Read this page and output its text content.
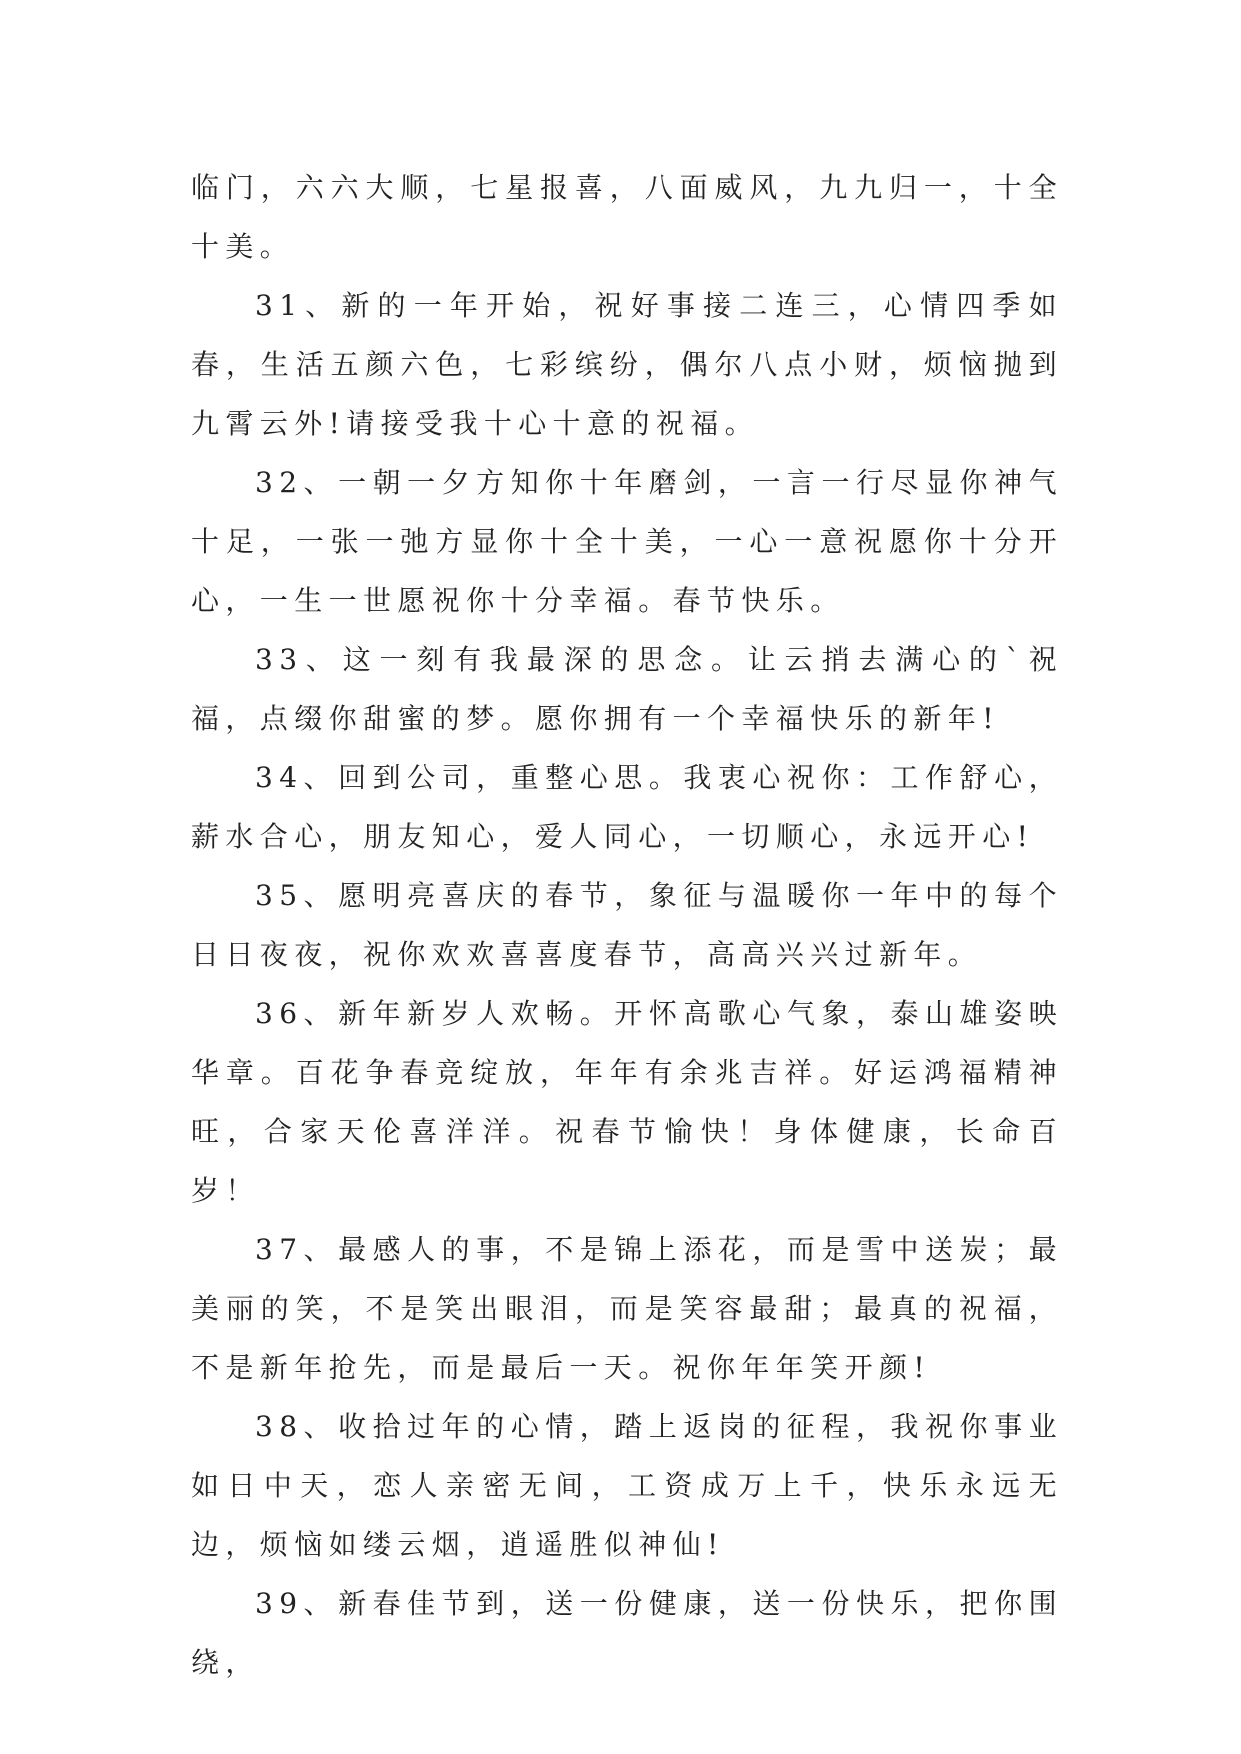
临门，六六大顺，七星报喜，八面威风，九九归一，十全十美。

31、新的一年开始，祝好事接二连三，心情四季如春，生活五颜六色，七彩缤纷，偶尔八点小财，烦恼抛到九霄云外!请接受我十心十意的祝福。

32、一朝一夕方知你十年磨剑，一言一行尽显你神气十足，一张一弛方显你十全十美，一心一意祝愿你十分开心，一生一世愿祝你十分幸福。春节快乐。

33、这一刻有我最深的思念。让云捎去满心的`祝福，点缀你甜蜜的梦。愿你拥有一个幸福快乐的新年!

34、回到公司，重整心思。我衷心祝你：工作舒心，薪水合心，朋友知心，爱人同心，一切顺心，永远开心!

35、愿明亮喜庆的春节，象征与温暖你一年中的每个日日夜夜，祝你欢欢喜喜度春节，高高兴兴过新年。

36、新年新岁人欢畅。开怀高歌心气象，泰山雄姿映华章。百花争春竞绽放，年年有余兆吉祥。好运鸿福精神旺，合家天伦喜洋洋。祝春节愉快！身体健康，长命百岁！

37、最感人的事，不是锦上添花，而是雪中送炭；最美丽的笑，不是笑出眼泪，而是笑容最甜；最真的祝福，不是新年抢先，而是最后一天。祝你年年笑开颜!

38、收拾过年的心情，踏上返岗的征程，我祝你事业如日中天，恋人亲密无间，工资成万上千，快乐永远无边，烦恼如缕云烟，逍遥胜似神仙!

39、新春佳节到，送一份健康，送一份快乐，把你围绕，
